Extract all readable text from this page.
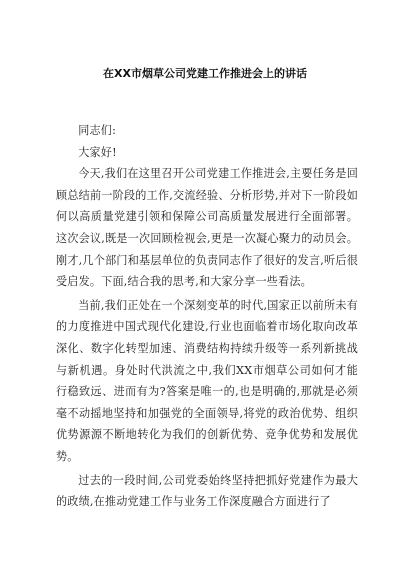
在XX市烟草公司党建工作推进会上的讲话

同志们:

大家好!

今天,我们在这里召开公司党建工作推进会,主要任务是回顾总结前一阶段的工作,交流经验、分析形势,并对下一阶段如何以高质量党建引领和保障公司高质量发展进行全面部署。这次会议,既是一次回顾检视会,更是一次凝心聚力的动员会。刚才,几个部门和基层单位的负责同志作了很好的发言,听后很受启发。下面,结合我的思考,和大家分享一些看法。

当前,我们正处在一个深刻变革的时代,国家正以前所未有的力度推进中国式现代化建设,行业也面临着市场化取向改革深化、数字化转型加速、消费结构持续升级等一系列新挑战与新机遇。身处时代洪流之中,我们XX市烟草公司如何才能行稳致远、进而有为?答案是唯一的,也是明确的,那就是必须毫不动摇地坚持和加强党的全面领导,将党的政治优势、组织优势源源不断地转化为我们的创新优势、竞争优势和发展优势。

过去的一段时间,公司党委始终坚持把抓好党建作为最大的政绩,在推动党建工作与业务工作深度融合方面进行了
